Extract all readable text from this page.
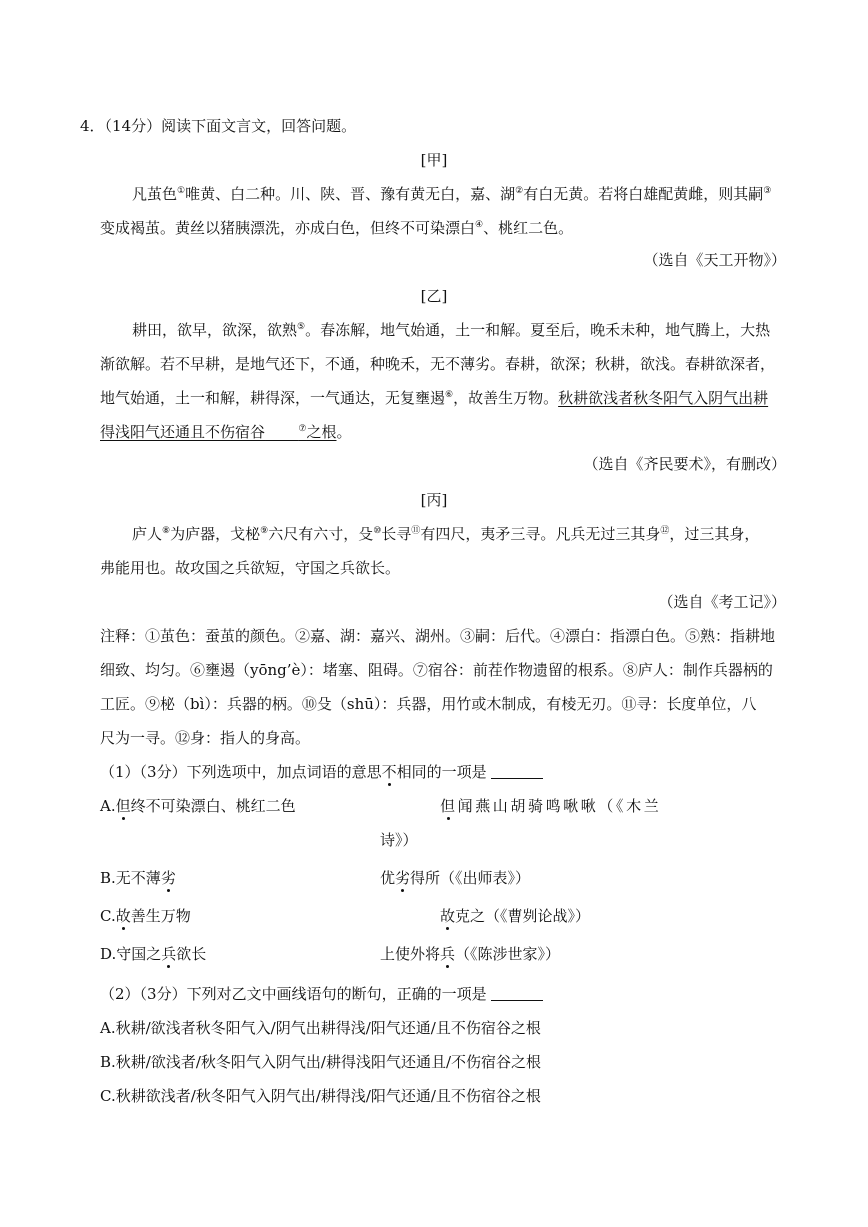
4．（14分）阅读下面文言文，回答问题。
[甲]
凡茧色①唯黄、白二种。川、陕、晋、豫有黄无白，嘉、湖②有白无黄。若将白雄配黄雌，则其嗣③
变成褐茧。黄丝以猪胰漂洗，亦成白色，但终不可染漂白④、桃红二色。
（选自《天工开物》）
[乙]
耕田，欲早，欲深，欲熟⑤。春冻解，地气始通，土一和解。夏至后，晚禾未种，地气腾上，大热
渐欲解。若不早耕，是地气还下，不通，种晚禾，无不薄劣。春耕，欲深；秋耕，欲浅。春耕欲深者，
地气始通，土一和解，耕得深，一气通达，无复壅遏⑥，故善生万物。秋耕欲浅者秋冬阳气入阴气出耕
得浅阳气还通且不伤宿谷	⑦之根。
（选自《齐民要术》，有删改）
[丙]
庐人⑧为庐器，戈柲⑨六尺有六寸，殳⑩长寻⑪有四尺，夷矛三寻。凡兵无过三其身⑫，过三其身，
弗能用也。故攻国之兵欲短，守国之兵欲长。
（选自《考工记》）
注释：①茧色：蚕茧的颜色。②嘉、湖：嘉兴、湖州。③嗣：后代。④漂白：指漂白色。⑤熟：指耕地
细致、均匀。⑥壅遏（yōng’è）：堵塞、阻碍。⑦宿谷：前茬作物遗留的根系。⑧庐人：制作兵器柄的
工匠。⑨柲（bì）：兵器的柄。⑩殳（shū）：兵器，用竹或木制成，有棱无刃。⑪寻：长度单位，八
尺为一寻。⑫身：指人的身高。
（1）（3分）下列选项中，加点词语的意思不相同的一项是
A.但终不可染漂白、桃红二色	但闻燕山胡骑鸣啾啾（《木兰
诗》）
B.无不薄劣	优劣得所（《出师表》）
C.故善生万物	故克之（《曹刿论战》）
D.守国之兵欲长	上使外将兵（《陈涉世家》）
（2）（3分）下列对乙文中画线语句的断句，正确的一项是
A.秋耕/欲浅者秋冬阳气入/阴气出耕得浅/阳气还通/且不伤宿谷之根
B.秋耕/欲浅者/秋冬阳气入阴气出/耕得浅阳气还通且/不伤宿谷之根
C.秋耕欲浅者/秋冬阳气入阴气出/耕得浅/阳气还通/且不伤宿谷之根
